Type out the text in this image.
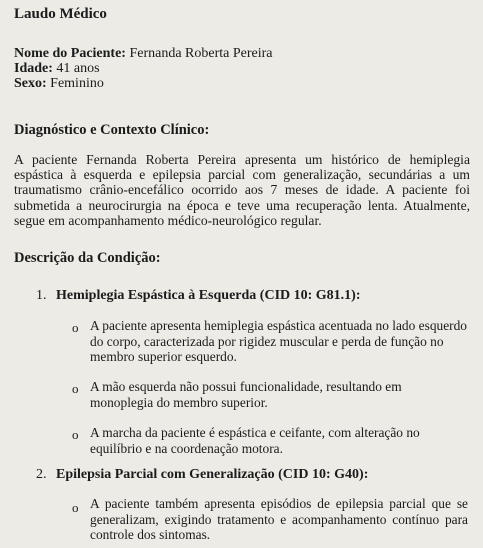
Laudo Médico
Nome do Paciente: Fernanda Roberta Pereira
Idade: 41 anos
Sexo: Feminino
Diagnóstico e Contexto Clínico:
A paciente Fernanda Roberta Pereira apresenta um histórico de hemiplegia espástica à esquerda e epilepsia parcial com generalização, secundárias a um traumatismo crânio-encefálico ocorrido aos 7 meses de idade. A paciente foi submetida a neurocirurgia na época e teve uma recuperação lenta. Atualmente, segue em acompanhamento médico-neurológico regular.
Descrição da Condição:
1. Hemiplegia Espástica à Esquerda (CID 10: G81.1):
o A paciente apresenta hemiplegia espástica acentuada no lado esquerdo do corpo, caracterizada por rigidez muscular e perda de função no membro superior esquerdo.
o A mão esquerda não possui funcionalidade, resultando em monoplegia do membro superior.
o A marcha da paciente é espástica e ceifante, com alteração no equilíbrio e na coordenação motora.
2. Epilepsia Parcial com Generalização (CID 10: G40):
o A paciente também apresenta episódios de epilepsia parcial que se generalizam, exigindo tratamento e acompanhamento contínuo para controle dos sintomas.
